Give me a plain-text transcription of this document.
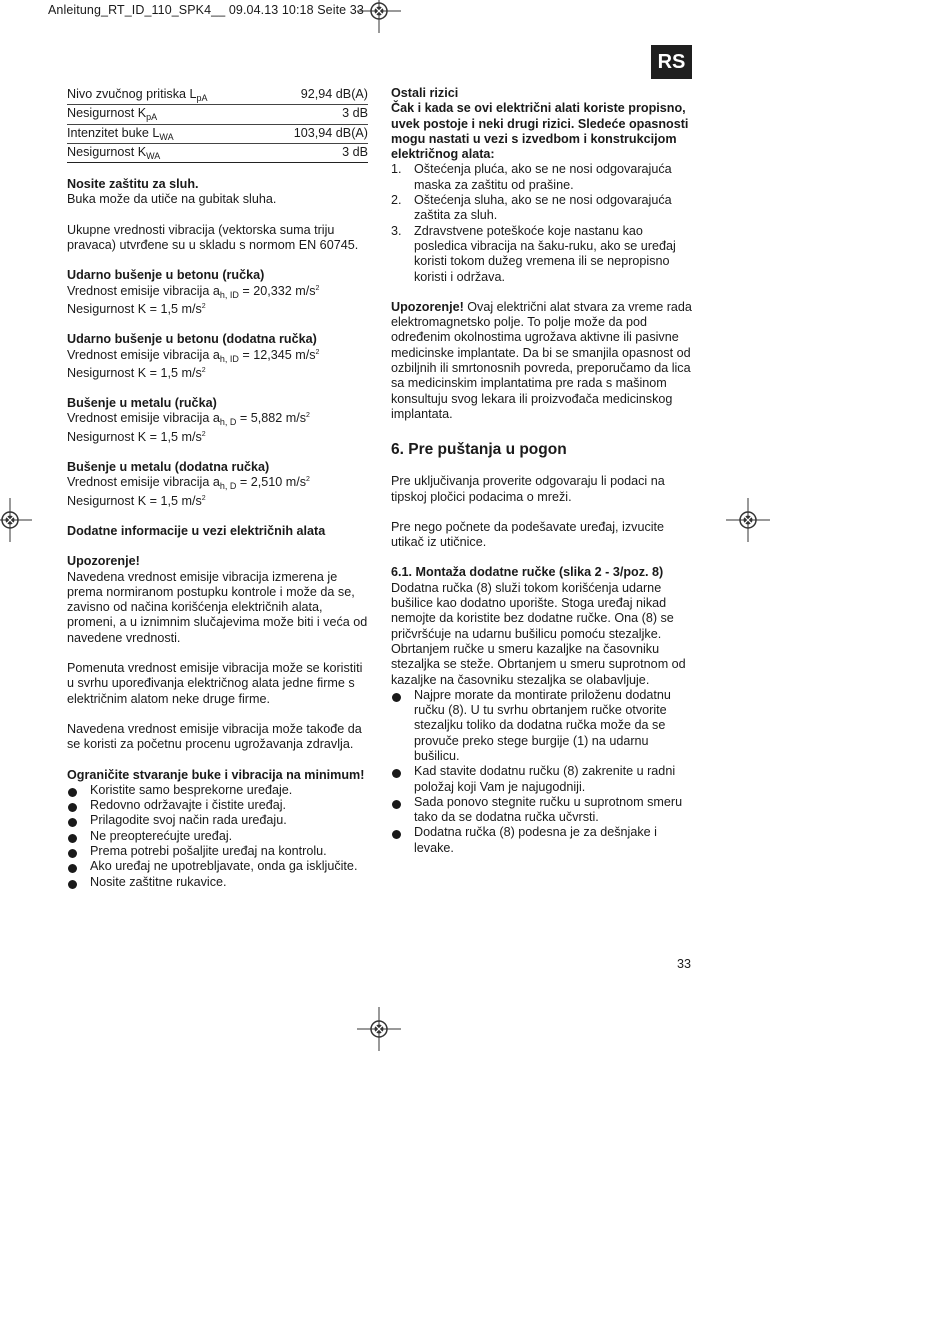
Anleitung_RT_ID_110_SPK4__ 09.04.13 10:18 Seite 33
RS
Nivo zvučnog pritiska $L_{pA}$	92,94 dB(A)
Nesigurnost $K_{pA}$	3 dB
Intenzitet buke $L_{WA}$	103,94 dB(A)
Nesigurnost $K_{WA}$	3 dB

Nosite zaštitu za sluh.

Buka može da utiče na gubitak sluha.

Ukupne vrednosti vibracija (vektorska suma triju pravaca) utvrđene su u skladu s normom EN 60745.

Udarno bušenje u betonu (ručka)

Vrednost emisije vibracija $a_{h, ID} = 20,332$ $m/s^2$

Nesigurnost K = 1,5 $m/s^2$

Udarno bušenje u betonu (dodatna ručka)

Vrednost emisije vibracija $a_{h, ID} = 12,345$ $m/s^2$

Nesigurnost K = 1,5 $m/s^2$

Bušenje u metalu (ručka)

Vrednost emisije vibracija $a_{h, D} = 5,882$ $m/s^2$

Nesigurnost K = 1,5 $m/s^2$

Bušenje u metalu (dodatna ručka)

Vrednost emisije vibracija $a_{h, D} = 2,510$ $m/s^2$

Nesigurnost K = 1,5 $m/s^2$

Dodatne informacije u vezi električnih alata

Upozorenje!

Navedena vrednost emisije vibracija izmerena je prema normiranom postupku kontrole i može da se, zavisno od načina korišćenja električnih alata, promeni, a u iznimnim slučajevima može biti i veća od navedene vrednosti.

Pomenuta vrednost emisije vibracija može se koristiti u svrhu upoređivanja električnog alata jedne firme s električnim alatom neke druge firme.

Navedena vrednost emisije vibracija može takođe da se koristi za početnu procenu ugrožavanja zdravlja.

Ograničite stvaranje buke i vibracija na minimum!

Koristite samo besprekorne uređaje.
Redovno održavajte i čistite uređaj.
Prilagodite svoj način rada uređaju.
Ne preopterećujte uređaj.
Prema potrebi pošaljite uređaj na kontrolu.
Ako uređaj ne upotrebljavate, onda ga isključite.
Nosite zaštitne rukavice.

Ostali rizici

Čak i kada se ovi električni alati koriste propisno, uvek postoje i neki drugi rizici. Sledeće opasnosti mogu nastati u vezi s izvedbom i konstrukcijom električnog alata:

1. Oštećenja pluća, ako se ne nosi odgovarajuća maska za zaštitu od prašine.
2. Oštećenja sluha, ako se ne nosi odgovarajuća zaštita za sluh.
3. Zdravstvene poteškoće koje nastanu kao posledica vibracija na šaku-ruku, ako se uređaj koristi tokom dužeg vremena ili se nepropisno koristi i održava.

Upozorenje! Ovaj električni alat stvara za vreme rada elektromagnetsko polje. To polje može da pod određenim okolnostima ugrožava aktivne ili pasivne medicinske implantate. Da bi se smanjila opasnost od ozbiljnih ili smrtonosnih povreda, preporučamo da lica sa medicinskim implantatima pre rada s mašinom konsultuju svog lekara ili proizvođača medicinskog implantata.

6. Pre puštanja u pogon

Pre uključivanja proverite odgovaraju li podaci na tipskoj pločici podacima o mreži.

Pre nego počnete da podešavate uređaj, izvucite utikač iz utičnice.

6.1. Montaža dodatne ručke (slika 2 - 3/poz. 8)

Dodatna ručka (8) služi tokom korišćenja udarne bušilice kao dodatno uporište. Stoga uređaj nikad nemojte da koristite bez dodatne ručke. Ona (8) se pričvršćuje na udarnu bušilicu pomoću stezaljke. Obrtanjem ručke u smeru kazaljke na časovniku stezaljka se steže. Obrtanjem u smeru suprotnom od kazaljke na časovniku stezaljka se olabavljuje.

Najpre morate da montirate priloženu dodatnu ručku (8). U tu svrhu obrtanjem ručke otvorite stezaljku toliko da dodatna ručka može da se provuče preko stege burgije (1) na udarnu bušilicu.
Kad stavite dodatnu ručku (8) zakrenite u radni položaj koji Vam je najugodniji.
Sada ponovo stegnite ručku u suprotnom smeru tako da se dodatna ručka učvrsti.
Dodatna ručka (8) podesna je za dešnjake i levake.
33
